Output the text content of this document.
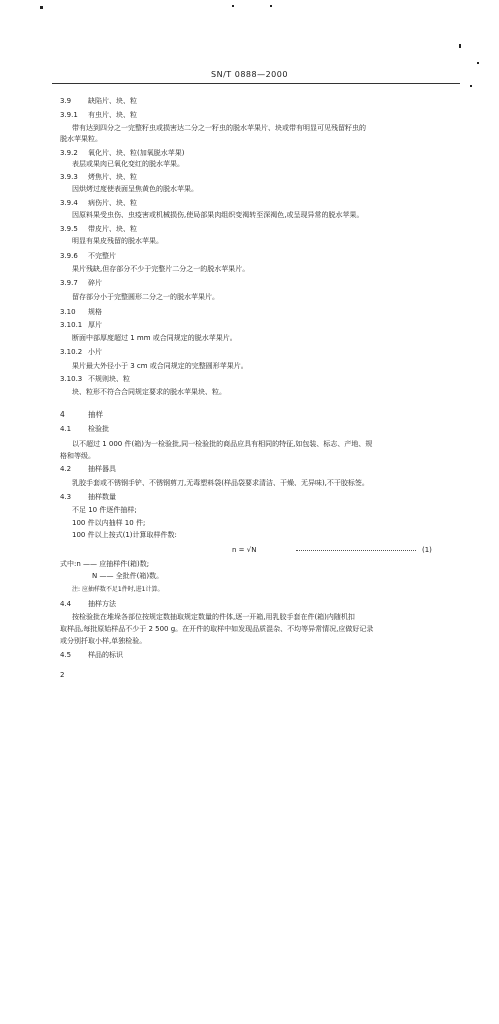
SN/T 0888—2000
3.9 缺陷片、块、粒
3.9.1 有虫片、块、粒
带有达到四分之一完整籽虫或损害达二分之一籽虫的脱水苹果片、块或带有明显可见残留籽虫的
脱水苹果粒。
3.9.2 氧化片、块、粒(加氧脱水苹果)
表层或果肉已氧化变红的脱水苹果。
3.9.3 烤焦片、块、粒
因烘烤过度使表面呈焦黄色的脱水苹果。
3.9.4 病伤片、块、粒
因原料果受虫伤、虫疫害或机械损伤,使局部果肉组织变褐转至深褐色,或呈现异常的脱水苹果。
3.9.5 带皮片、块、粒
明显有果皮残留的脱水苹果。
3.9.6 不完整片
果片残缺,但存部分不少于完整片二分之一的脱水苹果片。
3.9.7 碎片
留存部分小于完整圆形二分之一的脱水苹果片。
3.10 规格
3.10.1 厚片
断面中部厚度超过 1 mm 或合同规定的脱水苹果片。
3.10.2 小片
果片最大外径小于 3 cm 或合同规定的完整圆形苹果片。
3.10.3 不规则块、粒
块、粒形不符合合同规定要求的脱水苹果块、粒。
4	抽样
4.1 检验批
以不超过 1 000 件(箱)为一检验批,同一检验批的商品应具有相同的特征,如包装、标志、产地、规
格和等级。
4.2 抽样器具
乳胶手套或不锈钢手铲、不锈钢剪刀,无毒塑料袋(样品袋要求清洁、干燥、无异味),不干胶标签。
4.3 抽样数量
不足 10 件逐件抽样;
100 件以内抽样 10 件;
100 件以上按式(1)计算取样件数:
n = √N	(1)
式中:n —— 应抽样件(箱)数;
N —— 全批件(箱)数。
注: 应抽样数不足1件时,进1计算。
4.4 抽样方法
按检验批在堆垛各部位按规定数抽取规定数量的件体,逐一开箱,用乳胶手套在件(箱)内随机扣
取样品,每批原始样品不少于 2 500 g。在开件的取样中如发现品质混杂、不均等异常情况,应做好记录
或分别扦取小样,单独检验。
4.5 样品的标识
2
